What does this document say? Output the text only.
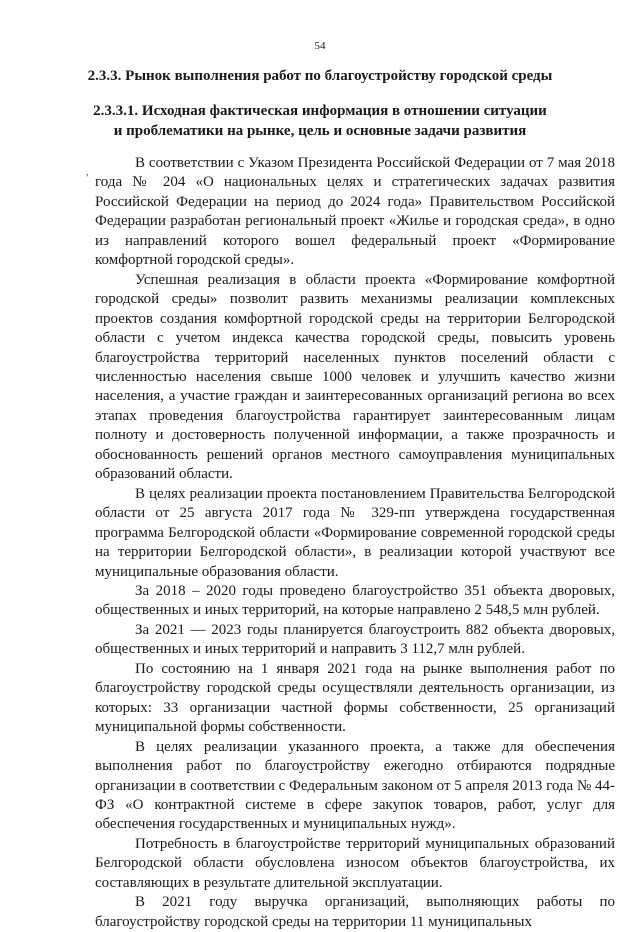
54
2.3.3. Рынок выполнения работ по благоустройству городской среды
2.3.3.1. Исходная фактическая информация в отношении ситуации
и проблематики на рынке, цель и основные задачи развития
,

В соответствии с Указом Президента Российской Федерации от 7 мая 2018 года № 204 «О национальных целях и стратегических задачах развития Российской Федерации на период до 2024 года» Правительством Российской Федерации разработан региональный проект «Жилье и городская среда», в одно из направлений которого вошел федеральный проект «Формирование комфортной городской среды».

Успешная реализация в области проекта «Формирование комфортной городской среды» позволит развить механизмы реализации комплексных проектов создания комфортной городской среды на территории Белгородской области с учетом индекса качества городской среды, повысить уровень благоустройства территорий населенных пунктов поселений области с численностью населения свыше 1000 человек и улучшить качество жизни населения, а участие граждан и заинтересованных организаций региона во всех этапах проведения благоустройства гарантирует заинтересованным лицам полноту и достоверность полученной информации, а также прозрачность и обоснованность решений органов местного самоуправления муниципальных образований области.

В целях реализации проекта постановлением Правительства Белгородской области от 25 августа 2017 года № 329-пп утверждена государственная программа Белгородской области «Формирование современной городской среды на территории Белгородской области», в реализации которой участвуют все муниципальные образования области.

За 2018 – 2020 годы проведено благоустройство 351 объекта дворовых, общественных и иных территорий, на которые направлено 2 548,5 млн рублей.

За 2021 — 2023 годы планируется благоустроить 882 объекта дворовых, общественных и иных территорий и направить 3 112,7 млн рублей.

По состоянию на 1 января 2021 года на рынке выполнения работ по благоустройству городской среды осуществляли деятельность организации, из которых: 33 организации частной формы собственности, 25 организаций муниципальной формы собственности.

В целях реализации указанного проекта, а также для обеспечения выполнения работ по благоустройству ежегодно отбираются подрядные организации в соответствии с Федеральным законом от 5 апреля 2013 года № 44-ФЗ «О контрактной системе в сфере закупок товаров, работ, услуг для обеспечения государственных и муниципальных нужд».

Потребность в благоустройстве территорий муниципальных образований Белгородской области обусловлена износом объектов благоустройства, их составляющих в результате длительной эксплуатации.

В 2021 году выручка организаций, выполняющих работы по благоустройству городской среды на территории 11 муниципальных
